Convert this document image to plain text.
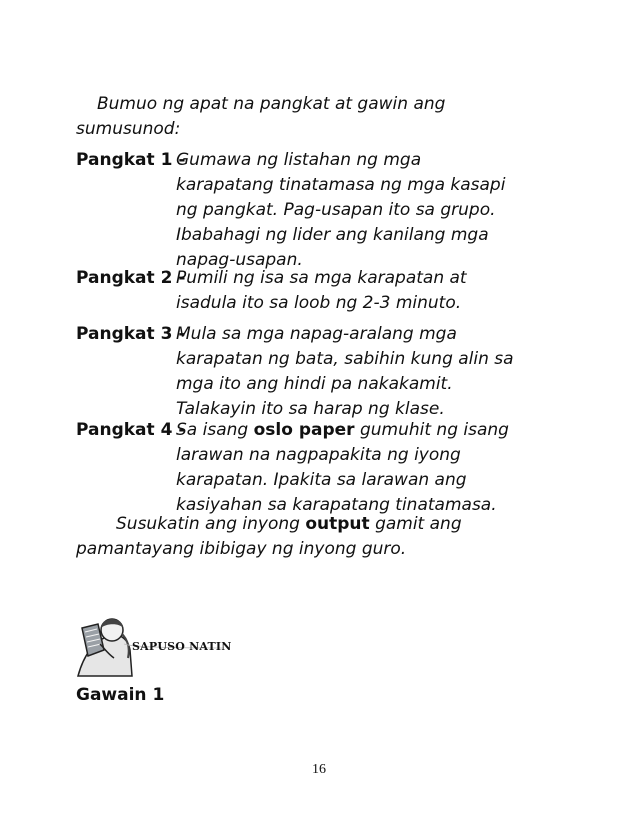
Bumuo ng apat na pangkat at gawin ang
sumusunod:
Pangkat 1 -
Gumawa ng listahan ng mga
karapatang tinatamasa ng mga kasapi
ng pangkat. Pag-usapan ito sa grupo.
Ibabahagi ng lider ang kanilang mga
napag-usapan.
Pangkat 2 -
Pumili ng isa sa mga karapatan at
isadula ito sa loob ng 2-3 minuto.
Pangkat 3 -
Mula sa mga napag-aralang mga
karapatan ng bata, sabihin kung alin sa
mga ito ang hindi pa nakakamit.
Talakayin ito sa harap ng klase.
Pangkat 4 -
Sa isang oslo paper gumuhit ng isang
larawan na nagpapakita ng iyong
karapatan. Ipakita sa larawan ang
kasiyahan sa karapatang tinatamasa.
Susukatin ang inyong output gamit ang
pamantayang ibibigay ng inyong guro.
SAPUSO NATIN
Gawain 1
16
